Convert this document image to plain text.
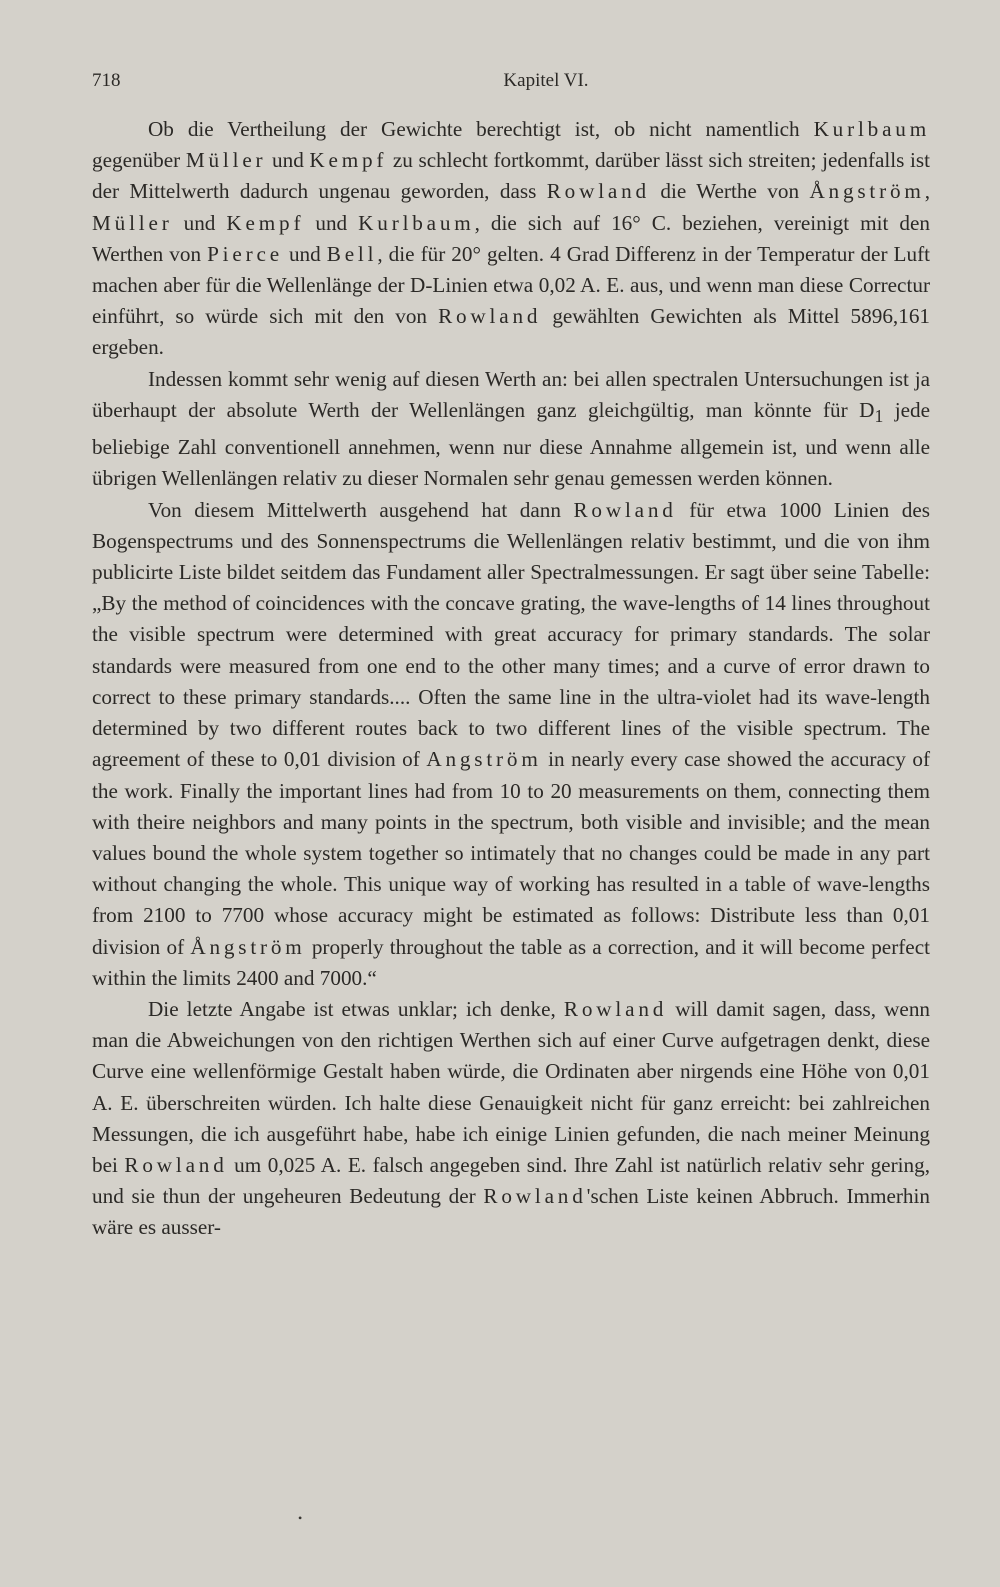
718	Kapitel VI.

Ob die Vertheilung der Gewichte berechtigt ist, ob nicht namentlich Kurlbaum gegenüber Müller und Kempf zu schlecht fortkommt, darüber lässt sich streiten; jedenfalls ist der Mittelwerth dadurch ungenau geworden, dass Rowland die Werthe von Ångström, Müller und Kempf und Kurlbaum, die sich auf 16° C. beziehen, vereinigt mit den Werthen von Pierce und Bell, die für 20° gelten. 4 Grad Differenz in der Temperatur der Luft machen aber für die Wellenlänge der D-Linien etwa 0,02 A. E. aus, und wenn man diese Correctur einführt, so würde sich mit den von Rowland gewählten Gewichten als Mittel 5896,161 ergeben.

Indessen kommt sehr wenig auf diesen Werth an: bei allen spectralen Untersuchungen ist ja überhaupt der absolute Werth der Wellenlängen ganz gleichgültig, man könnte für $D_1$ jede beliebige Zahl conventionell annehmen, wenn nur diese Annahme allgemein ist, und wenn alle übrigen Wellenlängen relativ zu dieser Normalen sehr genau gemessen werden können.

Von diesem Mittelwerth ausgehend hat dann Rowland für etwa 1000 Linien des Bogenspectrums und des Sonnenspectrums die Wellenlängen relativ bestimmt, und die von ihm publicirte Liste bildet seitdem das Fundament aller Spectralmessungen. Er sagt über seine Tabelle: „By the method of coincidences with the concave grating, the wave-lengths of 14 lines throughout the visible spectrum were determined with great accuracy for primary standards. The solar standards were measured from one end to the other many times; and a curve of error drawn to correct to these primary standards.... Often the same line in the ultra-violet had its wave-length determined by two different routes back to two different lines of the visible spectrum. The agreement of these to 0,01 division of Angström in nearly every case showed the accuracy of the work. Finally the important lines had from 10 to 20 measurements on them, connecting them with theire neighbors and many points in the spectrum, both visible and invisible; and the mean values bound the whole system together so intimately that no changes could be made in any part without changing the whole. This unique way of working has resulted in a table of wave-lengths from 2100 to 7700 whose accuracy might be estimated as follows: Distribute less than 0,01 division of Ångström properly throughout the table as a correction, and it will become perfect within the limits 2400 and 7000.“

Die letzte Angabe ist etwas unklar; ich denke, Rowland will damit sagen, dass, wenn man die Abweichungen von den richtigen Werthen sich auf einer Curve aufgetragen denkt, diese Curve eine wellenförmige Gestalt haben würde, die Ordinaten aber nirgends eine Höhe von 0,01 A. E. überschreiten würden. Ich halte diese Genauigkeit nicht für ganz erreicht: bei zahlreichen Messungen, die ich ausgeführt habe, habe ich einige Linien gefunden, die nach meiner Meinung bei Rowland um 0,025 A. E. falsch angegeben sind. Ihre Zahl ist natürlich relativ sehr gering, und sie thun der ungeheuren Bedeutung der Rowland'schen Liste keinen Abbruch. Immerhin wäre es ausser-

•
